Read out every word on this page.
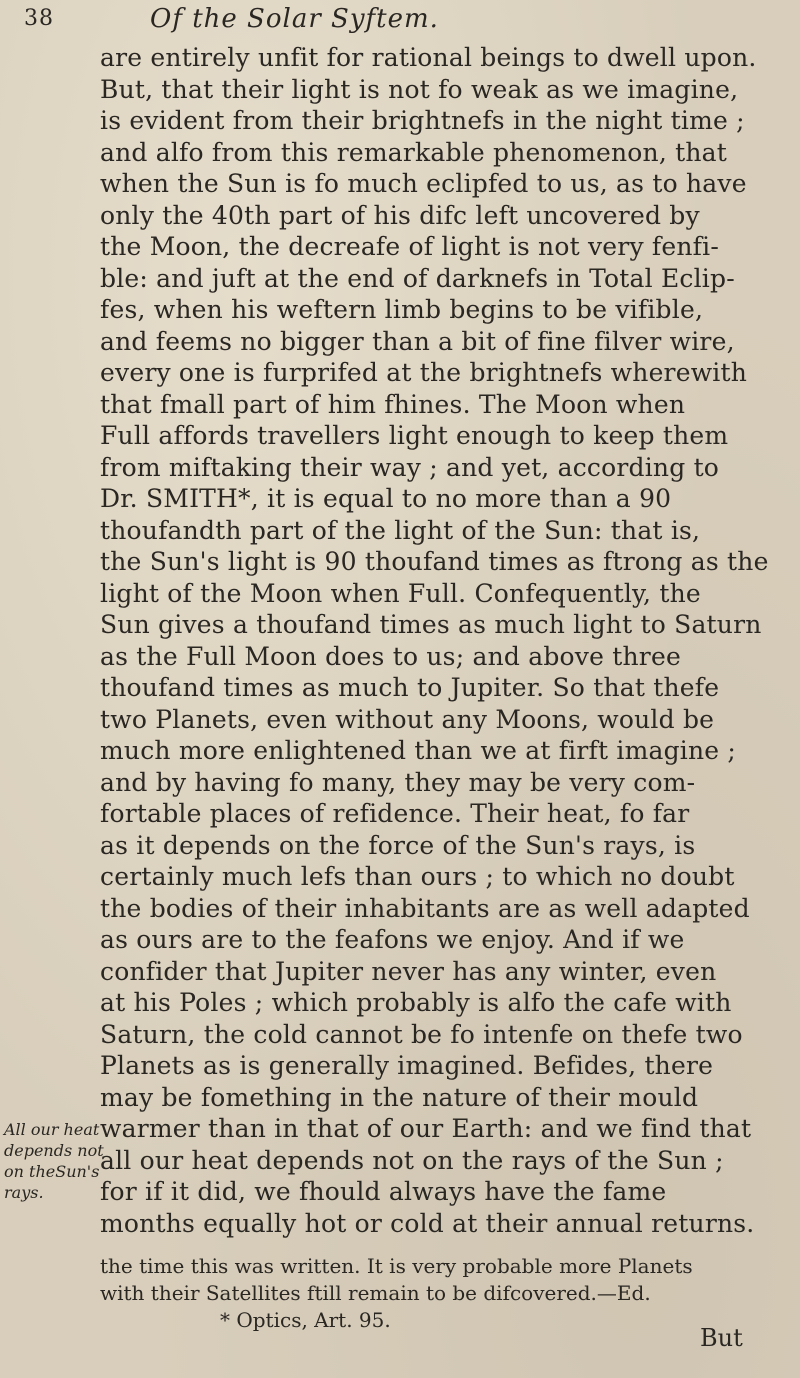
38	Of the Solar Syftem.
All our heat
depends not
on theSun's
rays.
are entirely unfit for rational beings to dwell upon.
But, that their light is not fo weak as we imagine,
is evident from their brightnefs in the night time ;
and alfo from this remarkable phenomenon, that
when the Sun is fo much eclipfed to us, as to have
only the 40th part of his difc left uncovered by
the Moon, the decreafe of light is not very fenfi-
ble: and juft at the end of darknefs in Total Eclip-
fes, when his weftern limb begins to be vifible,
and feems no bigger than a bit of fine filver wire,
every one is furprifed at the brightnefs wherewith
that fmall part of him fhines. The Moon when
Full affords travellers light enough to keep them
from miftaking their way ; and yet, according to
Dr. SMITH*, it is equal to no more than a 90
thoufandth part of the light of the Sun: that is,
the Sun's light is 90 thoufand times as ftrong as the
light of the Moon when Full. Confequently, the
Sun gives a thoufand times as much light to Saturn
as the Full Moon does to us; and above three
thoufand times as much to Jupiter. So that thefe
two Planets, even without any Moons, would be
much more enlightened than we at firft imagine ;
and by having fo many, they may be very com-
fortable places of refidence. Their heat, fo far
as it depends on the force of the Sun's rays, is
certainly much lefs than ours ; to which no doubt
the bodies of their inhabitants are as well adapted
as ours are to the feafons we enjoy. And if we
confider that Jupiter never has any winter, even
at his Poles ; which probably is alfo the cafe with
Saturn, the cold cannot be fo intenfe on thefe two
Planets as is generally imagined. Befides, there
may be fomething in the nature of their mould
warmer than in that of our Earth: and we find that
all our heat depends not on the rays of the Sun ;
for if it did, we fhould always have the fame
months equally hot or cold at their annual returns.
the time this was written. It is very probable more Planets
with their Satellites ftill remain to be difcovered.—Ed.
* Optics, Art. 95.
But
